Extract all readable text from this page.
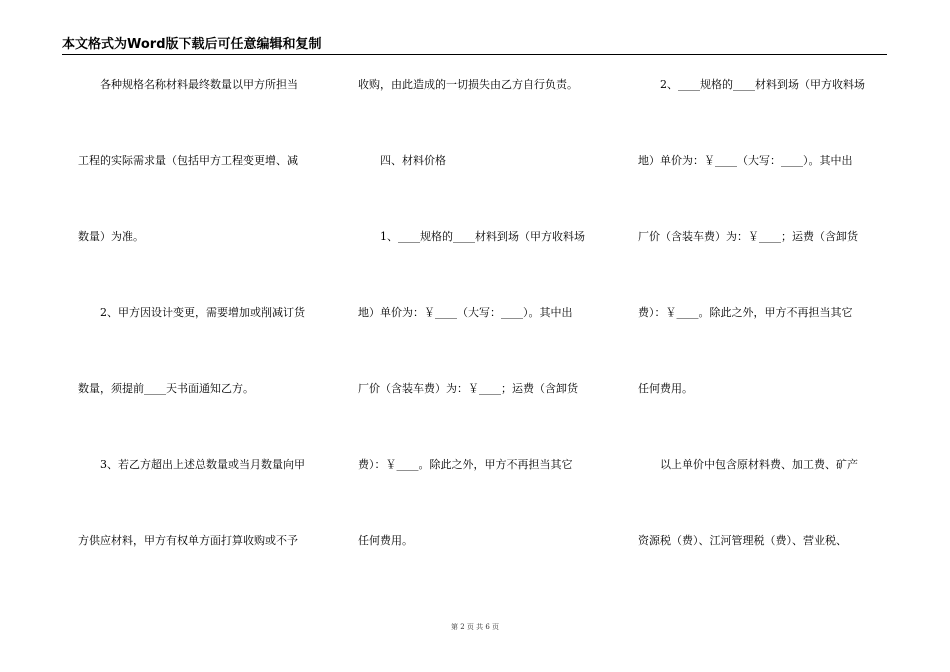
本文格式为Word版下载后可任意编辑和复制
　　各种规格名称材料最终数量以甲方所担当
工程的实际需求量（包括甲方工程变更增、减
数量）为准。
　　2、甲方因设计变更，需要增加或削减订货
数量，须提前____天书面通知乙方。
　　3、若乙方超出上述总数量或当月数量向甲
方供应材料，甲方有权单方面打算收购或不予
收购，由此造成的一切损失由乙方自行负责。
　　四、材料价格
　　1、____规格的____材料到场（甲方收料场
地）单价为：￥____（大写：____）。其中出
厂价（含装车费）为：￥____；运费（含卸货
费）：￥____。除此之外，甲方不再担当其它
任何费用。
　　2、____规格的____材料到场（甲方收料场
地）单价为：￥____（大写：____）。其中出
厂价（含装车费）为：￥____；运费（含卸货
费）：￥____。除此之外，甲方不再担当其它
任何费用。
　　以上单价中包含原材料费、加工费、矿产
资源税（费）、江河管理税（费）、营业税、
第 2 页 共 6 页
